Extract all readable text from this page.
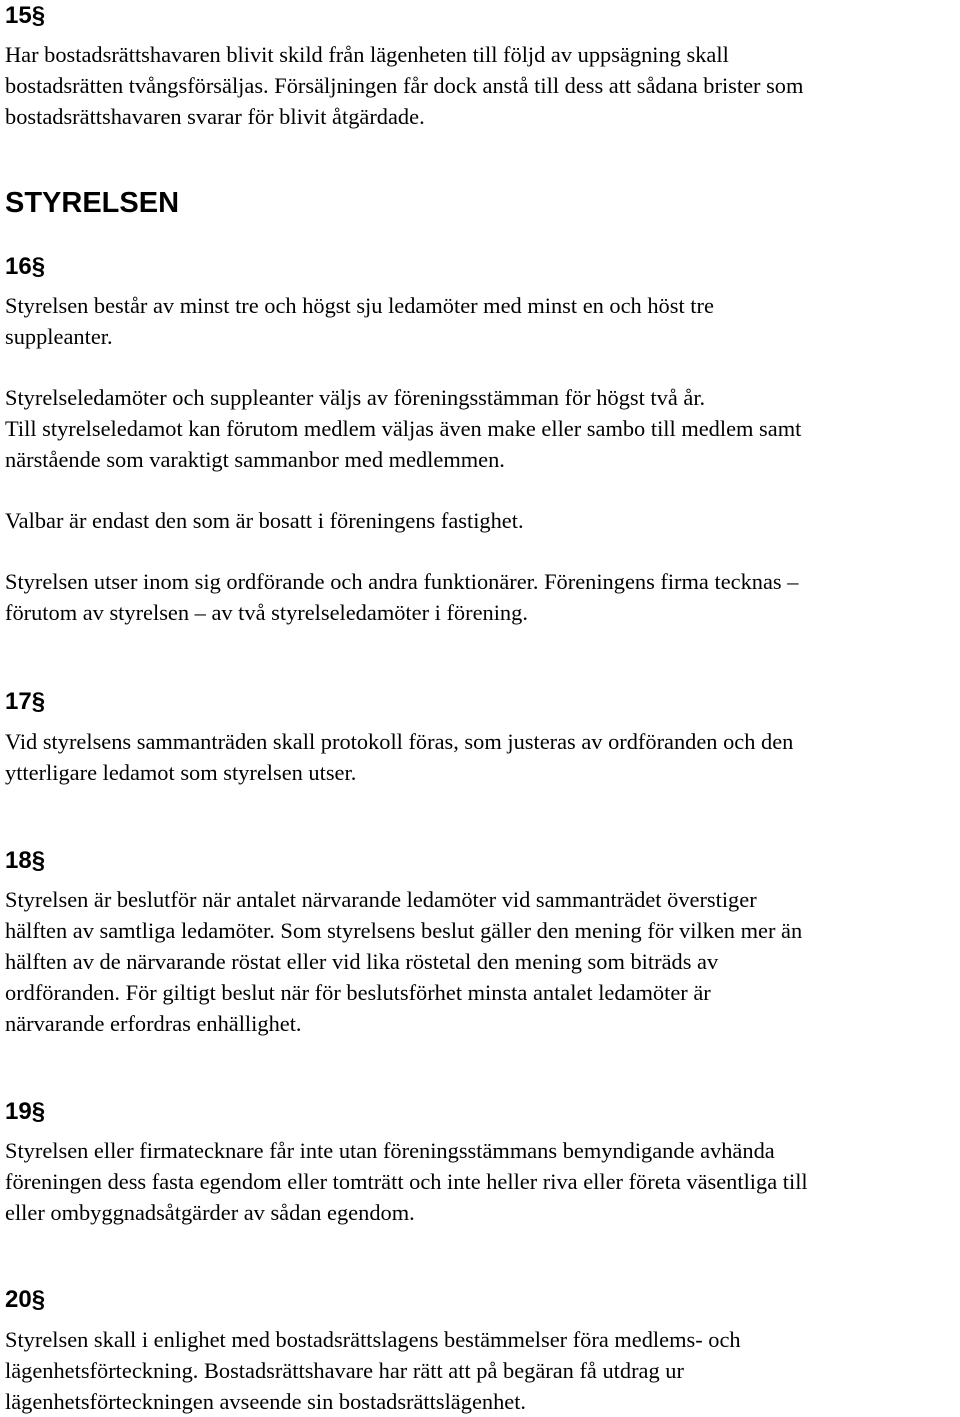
15§

Har bostadsrättshavaren blivit skild från lägenheten till följd av uppsägning skall
bostadsrätten tvångsförsäljas. Försäljningen får dock anstå till dess att sådana brister som
bostadsrättshavaren svarar för blivit åtgärdade.

STYRELSEN
16§

Styrelsen består av minst tre och högst sju ledamöter med minst en och höst tre
suppleanter.

Styrelseledamöter och suppleanter väljs av föreningsstämman för högst två år.
Till styrelseledamot kan förutom medlem väljas även make eller sambo till medlem samt
närstående som varaktigt sammanbor med medlemmen.

Valbar är endast den som är bosatt i föreningens fastighet.

Styrelsen utser inom sig ordförande och andra funktionärer. Föreningens firma tecknas –
förutom av styrelsen – av två styrelseledamöter i förening.

17§

Vid styrelsens sammanträden skall protokoll föras, som justeras av ordföranden och den
ytterligare ledamot som styrelsen utser.

18§

Styrelsen är beslutför när antalet närvarande ledamöter vid sammanträdet överstiger
hälften av samtliga ledamöter. Som styrelsens beslut gäller den mening för vilken mer än
hälften av de närvarande röstat eller vid lika röstetal den mening som biträds av
ordföranden. För giltigt beslut när för beslutsförhet minsta antalet ledamöter är
närvarande erfordras enhällighet.

19§

Styrelsen eller firmatecknare får inte utan föreningsstämmans bemyndigande avhända
föreningen dess fasta egendom eller tomträtt och inte heller riva eller företa väsentliga till
eller ombyggnadsåtgärder av sådan egendom.

20§

Styrelsen skall i enlighet med bostadsrättslagens bestämmelser föra medlems- och
lägenhetsförteckning. Bostadsrättshavare har rätt att på begäran få utdrag ur
lägenhetsförteckningen avseende sin bostadsrättslägenhet.
